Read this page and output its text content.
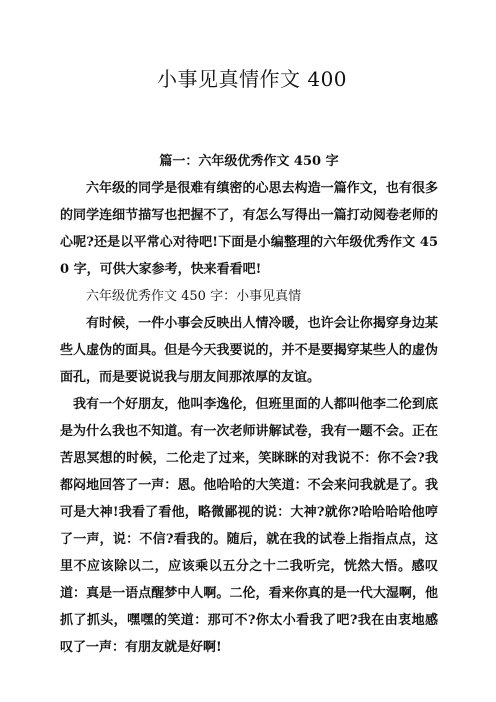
小事见真情作文 400
篇一：六年级优秀作文 450 字

六年级的同学是很难有缜密的心思去构造一篇作文，也有很多的同学连细节描写也把握不了，有怎么写得出一篇打动阅卷老师的心呢?还是以平常心对待吧!下面是小编整理的六年级优秀作文 450 字，可供大家参考，快来看看吧!

六年级优秀作文 450 字：小事见真情

有时候，一件小事会反映出人情冷暖，也许会让你揭穿身边某些人虚伪的面具。但是今天我要说的，并不是要揭穿某些人的虚伪面孔，而是要说说我与朋友间那浓厚的友谊。

我有一个好朋友，他叫李逸伦，但班里面的人都叫他李二伦到底是为什么我也不知道。有一次老师讲解试卷，我有一题不会。正在苦思冥想的时候，二伦走了过来，笑眯眯的对我说不：你不会?我都闷地回答了一声：恩。他哈哈的大笑道：不会来问我就是了。我可是大神!我看了看他，略微鄙视的说：大神?就你?哈哈哈哈他哼了一声，说：不信?看我的。随后，就在我的试卷上指指点点，这里不应该除以二，应该乘以五分之十二我听完，恍然大悟。感叹道：真是一语点醒梦中人啊。二伦，看来你真的是一代大湿啊，他抓了抓头，嘿嘿的笑道：那可不?你太小看我了吧?我在由衷地感叹了一声：有朋友就是好啊!
